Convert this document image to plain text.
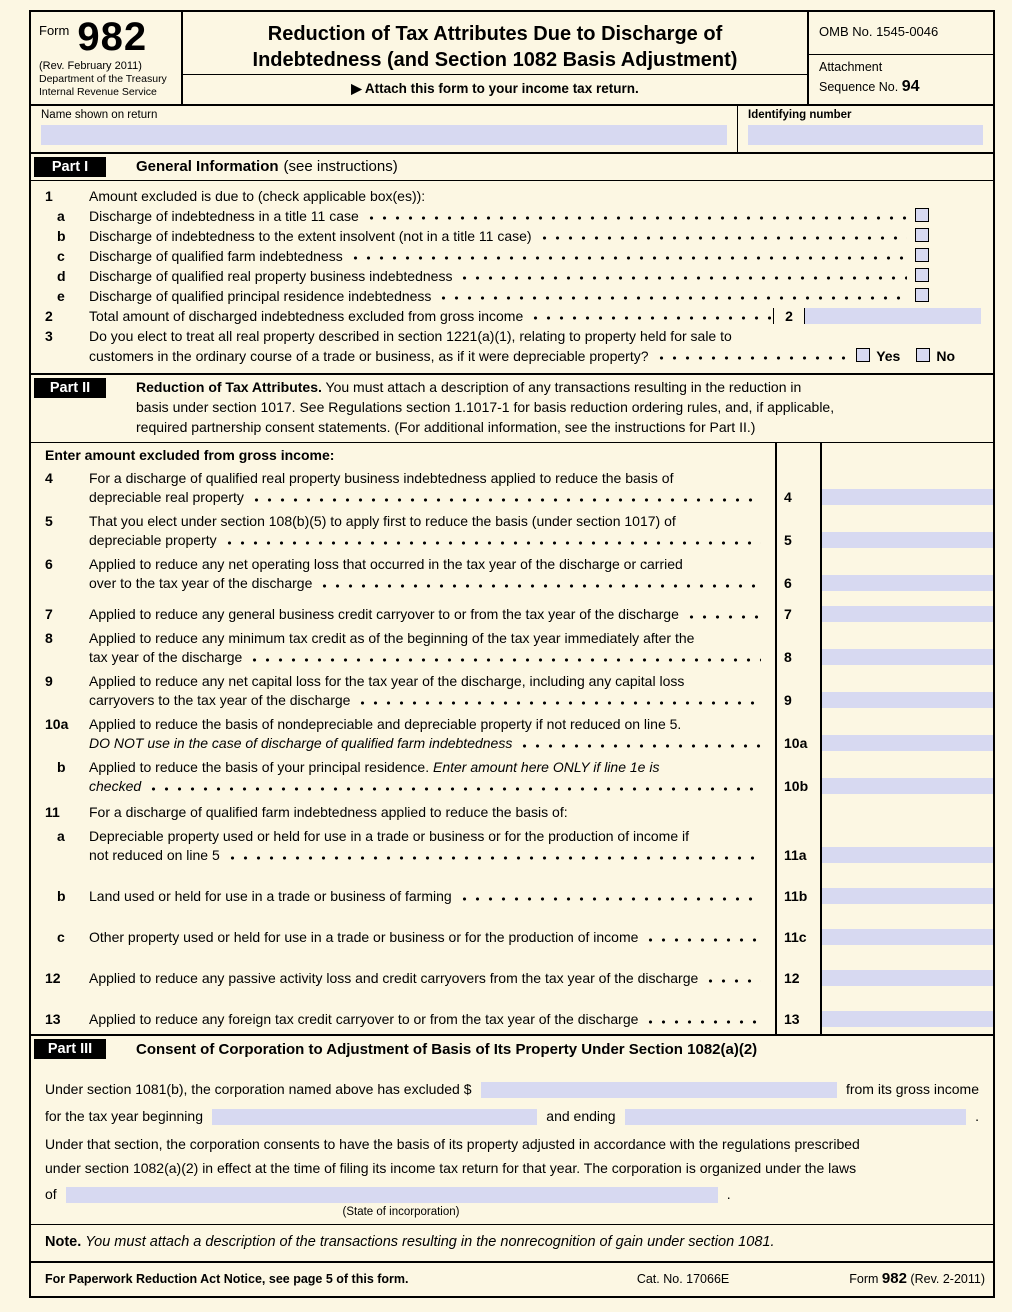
Form 982
(Rev. February 2011)
Department of the Treasury
Internal Revenue Service
Reduction of Tax Attributes Due to Discharge of
Indebtedness (and Section 1082 Basis Adjustment)
▶ Attach this form to your income tax return.
OMB No. 1545-0046
Attachment
Sequence No. 94
Name shown on return	Identifying number
Part I	General Information (see instructions)
1	Amount excluded is due to (check applicable box(es)):
a	Discharge of indebtedness in a title 11 case
b	Discharge of indebtedness to the extent insolvent (not in a title 11 case)
c	Discharge of qualified farm indebtedness
d	Discharge of qualified real property business indebtedness
e	Discharge of qualified principal residence indebtedness
2	Total amount of discharged indebtedness excluded from gross income	2
3	Do you elect to treat all real property described in section 1221(a)(1), relating to property held for sale to
customers in the ordinary course of a trade or business, as if it were depreciable property?	Yes	No
Part II	Reduction of Tax Attributes. You must attach a description of any transactions resulting in the reduction in
basis under section 1017. See Regulations section 1.1017-1 for basis reduction ordering rules, and, if applicable,
required partnership consent statements. (For additional information, see the instructions for Part II.)
Enter amount excluded from gross income:
4	For a discharge of qualified real property business indebtedness applied to reduce the basis of
depreciable real property	4
5	That you elect under section 108(b)(5) to apply first to reduce the basis (under section 1017) of
depreciable property	5
6	Applied to reduce any net operating loss that occurred in the tax year of the discharge or carried
over to the tax year of the discharge	6
7	Applied to reduce any general business credit carryover to or from the tax year of the discharge	7
8	Applied to reduce any minimum tax credit as of the beginning of the tax year immediately after the
tax year of the discharge	8
9	Applied to reduce any net capital loss for the tax year of the discharge, including any capital loss
carryovers to the tax year of the discharge	9
10a	Applied to reduce the basis of nondepreciable and depreciable property if not reduced on line 5.
DO NOT use in the case of discharge of qualified farm indebtedness	10a
b	Applied to reduce the basis of your principal residence.
Enter amount here ONLY if line 1e is
checked	10b
11	For a discharge of qualified farm indebtedness applied to reduce the basis of:
a	Depreciable property used or held for use in a trade or business or for the production of income if
not reduced on line 5	11a
b	Land used or held for use in a trade or business of farming	11b
c	Other property used or held for use in a trade or business or for the production of income	11c
12	Applied to reduce any passive activity loss and credit carryovers from the tax year of the discharge	12
13	Applied to reduce any foreign tax credit carryover to or from the tax year of the discharge	13
Part III	Consent of Corporation to Adjustment of Basis of Its Property Under Section 1082(a)(2)
Under section 1081(b), the corporation named above has excluded $	from its gross income
for the tax year beginning	and ending	.
Under that section, the corporation consents to have the basis of its property adjusted in accordance with the regulations prescribed
under section 1082(a)(2) in effect at the time of filing its income tax return for that year. The corporation is organized under the laws
of	.
(State of incorporation)
Note. You must attach a description of the transactions resulting in the nonrecognition of gain under section 1081.
For Paperwork Reduction Act Notice, see page 5 of this form.	Cat. No. 17066E	Form 982 (Rev. 2-2011)
